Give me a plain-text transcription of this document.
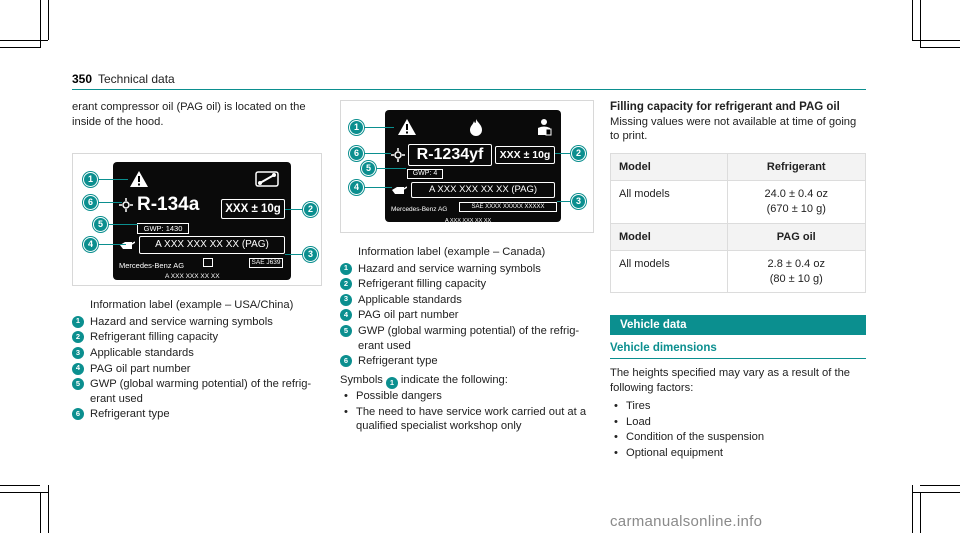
350 Technical data
erant compressor oil (PAG oil) is located on the inside of the hood.
R-134a	XXX ± 10g
GWP: 1430
A XXX XXX XX XX (PAG)
Mercedes-Benz AG	SAE J639
A XXX XXX XX XX
1
6
5
4
2
3
Information label (example – USA/China)
1 Hazard and service warning symbols
2 Refrigerant filling capacity
3 Applicable standards
4 PAG oil part number
5 GWP (global warming potential) of the refrig-erant used
6 Refrigerant type
R-1234yf	XXX ± 10g
GWP: 4
A XXX XXX XX XX (PAG)
Mercedes-Benz AG	SAE XXXX XXXXX XXXXX
A XXX XXX XX XX
1
6
5
4
2
3
Information label (example – Canada)
1 Hazard and service warning symbols
2 Refrigerant filling capacity
3 Applicable standards
4 PAG oil part number
5 GWP (global warming potential) of the refrig-erant used
6 Refrigerant type
Symbols 1 indicate the following:
• Possible dangers
• The need to have service work carried out at a qualified specialist workshop only
Filling capacity for refrigerant and PAG oil
Missing values were not available at time of going to print.
Model	Refrigerant
All models	24.0 ± 0.4 oz
(670 ± 10 g)
Model	PAG oil
All models	2.8 ± 0.4 oz
(80 ± 10 g)
Vehicle data
Vehicle dimensions
The heights specified may vary as a result of the following factors:
• Tires
• Load
• Condition of the suspension
• Optional equipment
carmanualsonline.info
